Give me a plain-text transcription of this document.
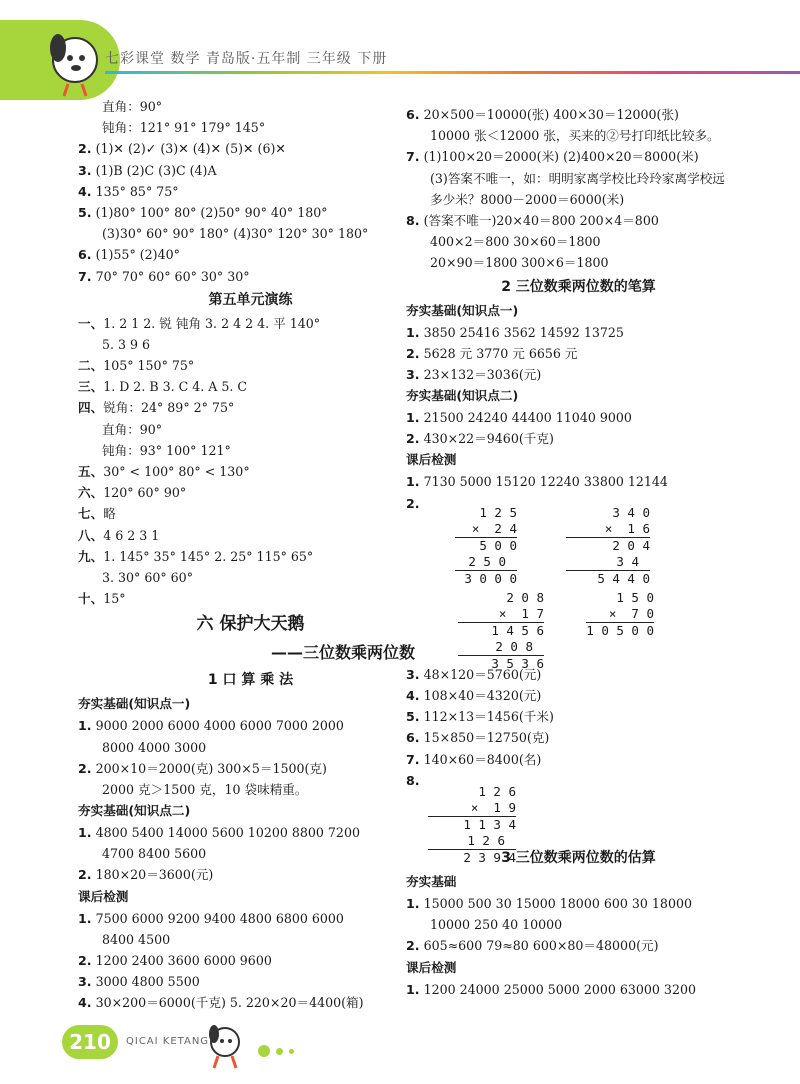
七彩课堂 数学 青岛版·五年制 三年级 下册
直角：90°
钝角：121° 91° 179° 145°
2. (1)✕ (2)✓ (3)✕ (4)✕ (5)✕ (6)✕
3. (1)B (2)C (3)C (4)A
4. 135° 85° 75°
5. (1)80° 100° 80° (2)50° 90° 40° 180°
(3)30° 60° 90° 180° (4)30° 120° 30° 180°
6. (1)55° (2)40°
7. 70° 70° 60° 60° 30° 30°
第五单元演练
一、1. 2 1 2. 锐 钝角 3. 2 4 2 4. 平 140°
5. 3 9 6
二、105° 150° 75°
三、1. D 2. B 3. C 4. A 5. C
四、锐角：24° 89° 2° 75°
直角：90°
钝角：93° 100° 121°
五、30° < 100° 80° < 130°
六、120° 60° 90°
七、略
八、4 6 2 3 1
九、1. 145° 35° 145° 2. 25° 115° 65°
3. 30° 60° 60°
十、15°
六 保护大天鹅
——三位数乘两位数
1 口 算 乘 法
夯实基础(知识点一)
1. 9000 2000 6000 4000 6000 7000 2000
8000 4000 3000
2. 200×10＝2000(克) 300×5＝1500(克)
2000 克＞1500 克，10 袋味精重。
夯实基础(知识点二)
1. 4800 5400 14000 5600 10200 8800 7200
4700 8400 5600
2. 180×20＝3600(元)
课后检测
1. 7500 6000 9200 9400 4800 6800 6000
8400 4500
2. 1200 2400 3600 6000 9600
3. 3000 4800 5500
4. 30×200＝6000(千克) 5. 220×20＝4400(箱)
6. 20×500＝10000(张) 400×30＝12000(张)
10000 张＜12000 张，买来的②号打印纸比较多。
7. (1)100×20＝2000(米) (2)400×20＝8000(米)
(3)答案不唯一，如：明明家离学校比玲玲家离学校远
多少米？8000－2000＝6000(米)
8. (答案不唯一)20×40＝800 200×4＝800
400×2＝800 30×60＝1800
20×90＝1800 300×6＝1800
2 三位数乘两位数的笔算
夯实基础(知识点一)
1. 3850 25416 3562 14592 13725
2. 5628 元 3770 元 6656 元
3. 23×132＝3036(元)
夯实基础(知识点二)
1. 21500 24240 44400 11040 9000
2. 430×22＝9460(千克)
课后检测
1. 7130 5000 15120 12240 33800 12144
2.
3. 48×120＝5760(元)
4. 108×40＝4320(元)
5. 112×13＝1456(千米)
6. 15×850＝12750(克)
7. 140×60＝8400(名)
8.
3 三位数乘两位数的估算
夯实基础
1. 15000 500 30 15000 18000 600 30 18000
10000 250 40 10000
2. 605≈600 79≈80 600×80＝48000(元)
课后检测
1. 1200 24000 25000 5000 2000 63000 3200
1 2 5
×  2 4
5 0 0
2 5 0
3 0 0 0
3 4 0
×  1 6
2 0 4
3 4
5 4 4 0
2 0 8
×  1 7
1 4 5 6
2 0 8
3 5 3 6
1 5 0
×  7 0
1 0 5 0 0
1 2 6
×  1 9
1 1 3 4
1 2 6
2 3 9 4
210	QICAI KETANG
